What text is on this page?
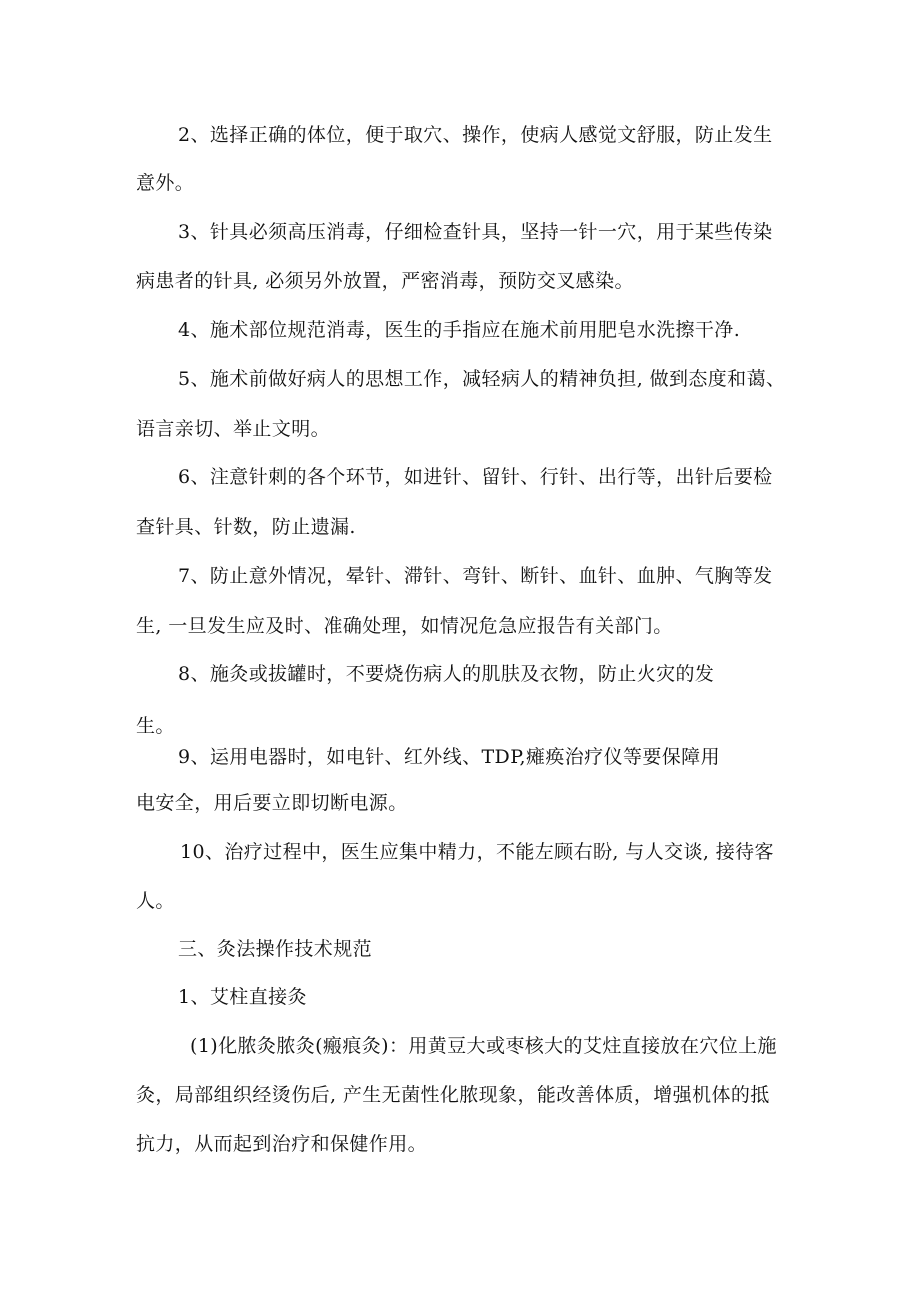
2、选择正确的体位，便于取穴、操作，使病人感觉文舒服，防止发生
意外。
3、针具必须高压消毒，仔细检查针具，坚持一针一穴，用于某些传染
病患者的针具, 必须另外放置，严密消毒，预防交叉感染。
4、施术部位规范消毒，医生的手指应在施术前用肥皂水洗擦干净.
5、施术前做好病人的思想工作，减轻病人的精神负担, 做到态度和蔼、
语言亲切、举止文明。
6、注意针刺的各个环节，如进针、留针、行针、出行等，出针后要检
查针具、针数，防止遗漏.
7、防止意外情况，晕针、滞针、弯针、断针、血针、血肿、气胸等发
生, 一旦发生应及时、准确处理，如情况危急应报告有关部门。
8、施灸或拔罐时，不要烧伤病人的肌肤及衣物，防止火灾的发
生。
9、运用电器时，如电针、红外线、TDP,瘫痪治疗仪等要保障用
电安全，用后要立即切断电源。
10、治疗过程中，医生应集中精力，不能左顾右盼, 与人交谈, 接待客
人。
三、灸法操作技术规范
1、艾柱直接灸
(1)化脓灸脓灸(瘢痕灸)：用黄豆大或枣核大的艾炷直接放在穴位上施
灸，局部组织经烫伤后, 产生无菌性化脓现象，能改善体质，增强机体的抵
抗力，从而起到治疗和保健作用。
